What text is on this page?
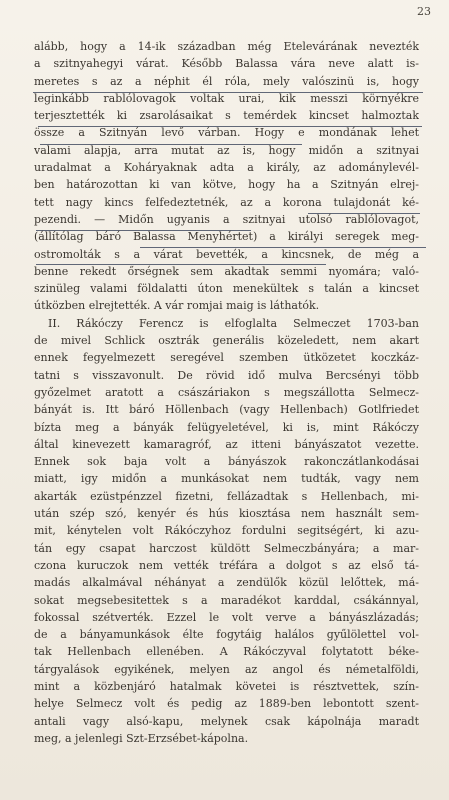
23
alább, hogy a 14-ik században még Etelevárának nevezték
a szitnyahegyi várat. Később Balassa vára neve alatt is-
meretes s az a néphit él róla, mely valószinü is, hogy
leginkább rablólovagok voltak urai, kik messzi környékre
terjesztették ki zsarolásaikat s temérdek kincset halmoztak
össze a Szitnyán levő várban. Hogy e mondának lehet
valami alapja, arra mutat az is, hogy midőn a szitnyai
uradalmat a Koháryaknak adta a király, az adománylevél-
ben határozottan ki van kötve, hogy ha a Szitnyán elrej-
tett nagy kincs felfedeztetnék, az a korona tulajdonát ké-
pezendi. — Midőn ugyanis a szitnyai utolsó rablólovagot,
(állítólag báró Balassa Menyhértet) a királyi seregek meg-
ostromolták s a várat bevették, a kincsnek, de még a
benne rekedt őrségnek sem akadtak semmi nyomára; való-
szinüleg valami földalatti úton menekültek s talán a kincset
útközben elrejtették. A vár romjai maig is láthatók.
II. Rákóczy Ferencz is elfoglalta Selmeczet 1703-ban
de mivel Schlick osztrák generális közeledett, nem akart
ennek fegyelmezett seregével szemben ütközetet koczkáz-
tatni s visszavonult. De rövid idő mulva Bercsényi több
győzelmet aratott a császáriakon s megszállotta Selmecz-
bányát is. Itt báró Höllenbach (vagy Hellenbach) Gotlfriedet
bízta meg a bányák felügyeletével, ki is, mint Rákóczy
által kinevezett kamaragróf, az itteni bányászatot vezette.
Ennek sok baja volt a bányászok rakonczátlankodásai
miatt, igy midőn a munkásokat nem tudták, vagy nem
akarták ezüstpénzzel fizetni, fellázadtak s Hellenbach, mi-
után szép szó, kenyér és hús kiosztása nem használt sem-
mit, kénytelen volt Rákóczyhoz fordulni segitségért, ki azu-
tán egy csapat harczost küldött Selmeczbányára; a mar-
czona kuruczok nem vették tréfára a dolgot s az első tá-
madás alkalmával néhányat a zendülők közül lelőttek, má-
sokat megsebesitettek s a maradékot karddal, csákánnyal,
fokossal szétverték. Ezzel le volt verve a bányászlázadás;
de a bányamunkások élte fogytáig halálos gyűlölettel vol-
tak Hellenbach ellenében. A Rákóczyval folytatott béke-
tárgyalások egyikének, melyen az angol és németalföldi,
mint a közbenjáró hatalmak követei is résztvettek, szín-
helye Selmecz volt és pedig az 1889-ben lebontott szent-
antali vagy alsó-kapu, melynek csak kápolnája maradt
meg, a jelenlegi Szt-Erzsébet-kápolna.
